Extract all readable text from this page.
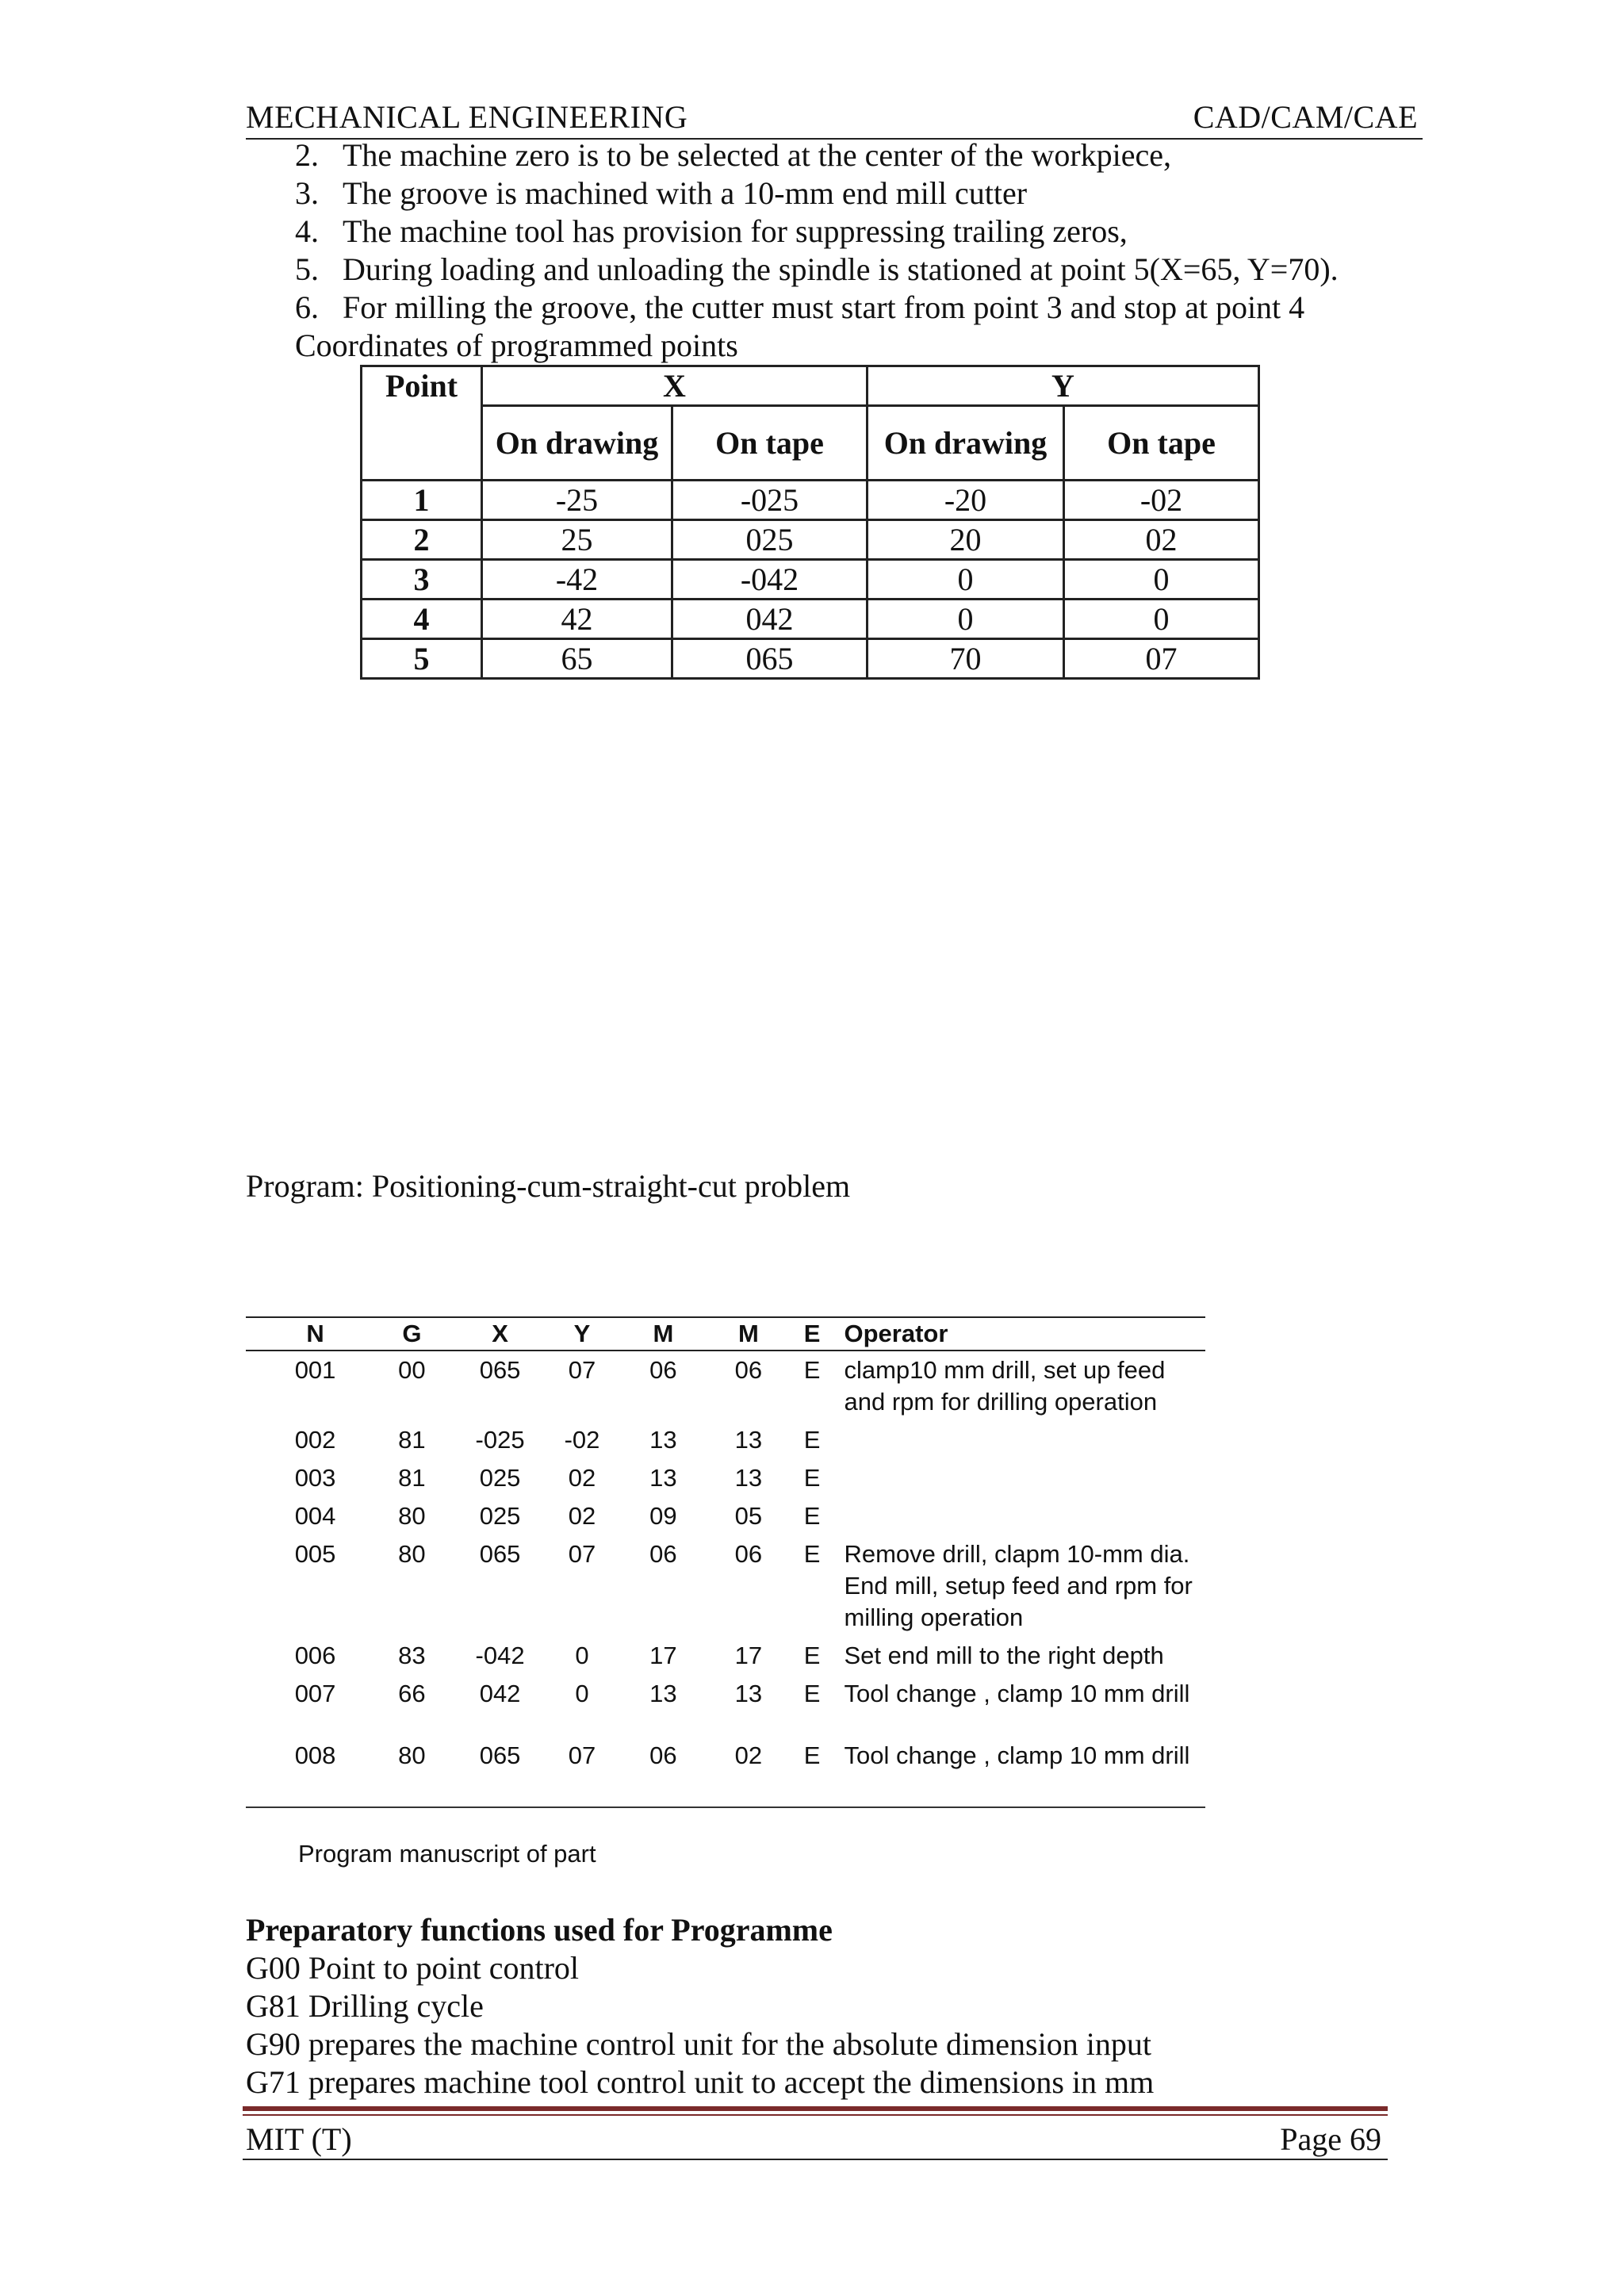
MECHANICAL ENGINEERING	CAD/CAM/CAE
2. The machine zero is to be selected at the center of the workpiece,
3. The groove is machined with a 10-mm end mill cutter
4. The machine tool has provision for suppressing trailing zeros,
5. During loading and unloading the spindle is stationed at point 5(X=65, Y=70).
6. For milling the groove, the cutter must start from point 3 and stop at point 4
Coordinates of programmed points
Point	X		Y	
	On drawing	On tape	On drawing	On tape
1	-25	-025	-20	-02
2	25	025	20	02
3	-42	-042	0	0
4	42	042	0	0
5	65	065	70	07
Program: Positioning-cum-straight-cut problem
N	G	X	Y	M	M	E	Operator
001	00	065	07	06	06	E	clamp10 mm drill, set up feed and rpm for drilling operation
002	81	-025	-02	13	13	E	
003	81	025	02	13	13	E	
004	80	025	02	09	05	E	
005	80	065	07	06	06	E	Remove drill, clapm 10-mm dia. End mill, setup feed and rpm for milling operation
006	83	-042	0	17	17	E	Set end mill to the right depth
007	66	042	0	13	13	E	Tool change , clamp 10 mm drill
008	80	065	07	06	02	E	Tool change , clamp 10 mm drill
Program manuscript of part
Preparatory functions used for Programme
G00 Point to point control
G81 Drilling cycle
G90 prepares the machine control unit for the absolute dimension input
G71 prepares machine tool control unit to accept the dimensions in mm
MIT (T)	Page 69
